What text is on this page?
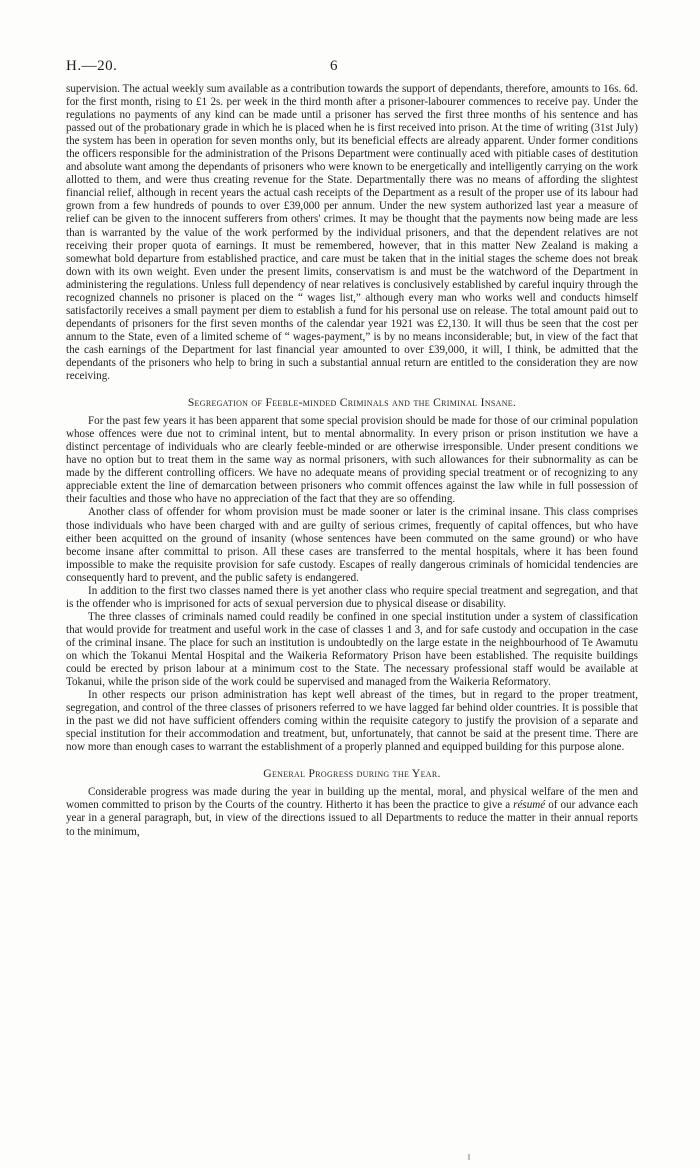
H.—20.	6

supervision. The actual weekly sum available as a contribution towards the support of dependants, therefore, amounts to 16s. 6d. for the first month, rising to £1 2s. per week in the third month after a prisoner-labourer commences to receive pay. Under the regulations no payments of any kind can be made until a prisoner has served the first three months of his sentence and has passed out of the probationary grade in which he is placed when he is first received into prison. At the time of writing (31st July) the system has been in operation for seven months only, but its beneficial effects are already apparent. Under former conditions the officers responsible for the administration of the Prisons Department were continually aced with pitiable cases of destitution and absolute want among the dependants of prisoners who were known to be energetically and intelligently carrying on the work allotted to them, and were thus creating revenue for the State. Departmentally there was no means of affording the slightest financial relief, although in recent years the actual cash receipts of the Department as a result of the proper use of its labour had grown from a few hundreds of pounds to over £39,000 per annum. Under the new system authorized last year a measure of relief can be given to the innocent sufferers from others' crimes. It may be thought that the payments now being made are less than is warranted by the value of the work performed by the individual prisoners, and that the dependent relatives are not receiving their proper quota of earnings. It must be remembered, however, that in this matter New Zealand is making a somewhat bold departure from established practice, and care must be taken that in the initial stages the scheme does not break down with its own weight. Even under the present limits, conservatism is and must be the watchword of the Department in administering the regulations. Unless full dependency of near relatives is conclusively established by careful inquiry through the recognized channels no prisoner is placed on the “ wages list,” although every man who works well and conducts himself satisfactorily receives a small payment per diem to establish a fund for his personal use on release. The total amount paid out to dependants of prisoners for the first seven months of the calendar year 1921 was £2,130. It will thus be seen that the cost per annum to the State, even of a limited scheme of “ wages-payment,” is by no means inconsiderable; but, in view of the fact that the cash earnings of the Department for last financial year amounted to over £39,000, it will, I think, be admitted that the dependants of the prisoners who help to bring in such a substantial annual return are entitled to the consideration they are now receiving.

Segregation of Feeble-minded Criminals and the Criminal Insane.

For the past few years it has been apparent that some special provision should be made for those of our criminal population whose offences were due not to criminal intent, but to mental abnormality. In every prison or prison institution we have a distinct percentage of individuals who are clearly feeble-minded or are otherwise irresponsible. Under present conditions we have no option but to treat them in the same way as normal prisoners, with such allowances for their subnormality as can be made by the different controlling officers. We have no adequate means of providing special treatment or of recognizing to any appreciable extent the line of demarcation between prisoners who commit offences against the law while in full possession of their faculties and those who have no appreciation of the fact that they are so offending.

Another class of offender for whom provision must be made sooner or later is the criminal insane. This class comprises those individuals who have been charged with and are guilty of serious crimes, frequently of capital offences, but who have either been acquitted on the ground of insanity (whose sentences have been commuted on the same ground) or who have become insane after committal to prison. All these cases are transferred to the mental hospitals, where it has been found impossible to make the requisite provision for safe custody. Escapes of really dangerous criminals of homicidal tendencies are consequently hard to prevent, and the public safety is endangered.

In addition to the first two classes named there is yet another class who require special treatment and segregation, and that is the offender who is imprisoned for acts of sexual perversion due to physical disease or disability.

The three classes of criminals named could readily be confined in one special institution under a system of classification that would provide for treatment and useful work in the case of classes 1 and 3, and for safe custody and occupation in the case of the criminal insane. The place for such an institution is undoubtedly on the large estate in the neighbourhood of Te Awamutu on which the Tokanui Mental Hospital and the Waikeria Reformatory Prison have been established. The requisite buildings could be erected by prison labour at a minimum cost to the State. The necessary professional staff would be available at Tokanui, while the prison side of the work could be supervised and managed from the Waikeria Reformatory.

In other respects our prison administration has kept well abreast of the times, but in regard to the proper treatment, segregation, and control of the three classes of prisoners referred to we have lagged far behind older countries. It is possible that in the past we did not have sufficient offenders coming within the requisite category to justify the provision of a separate and special institution for their accommodation and treatment, but, unfortunately, that cannot be said at the present time. There are now more than enough cases to warrant the establishment of a properly planned and equipped building for this purpose alone.

General Progress during the Year.

Considerable progress was made during the year in building up the mental, moral, and physical welfare of the men and women committed to prison by the Courts of the country. Hitherto it has been the practice to give a résumé of our advance each year in a general paragraph, but, in view of the directions issued to all Departments to reduce the matter in their annual reports to the minimum,
